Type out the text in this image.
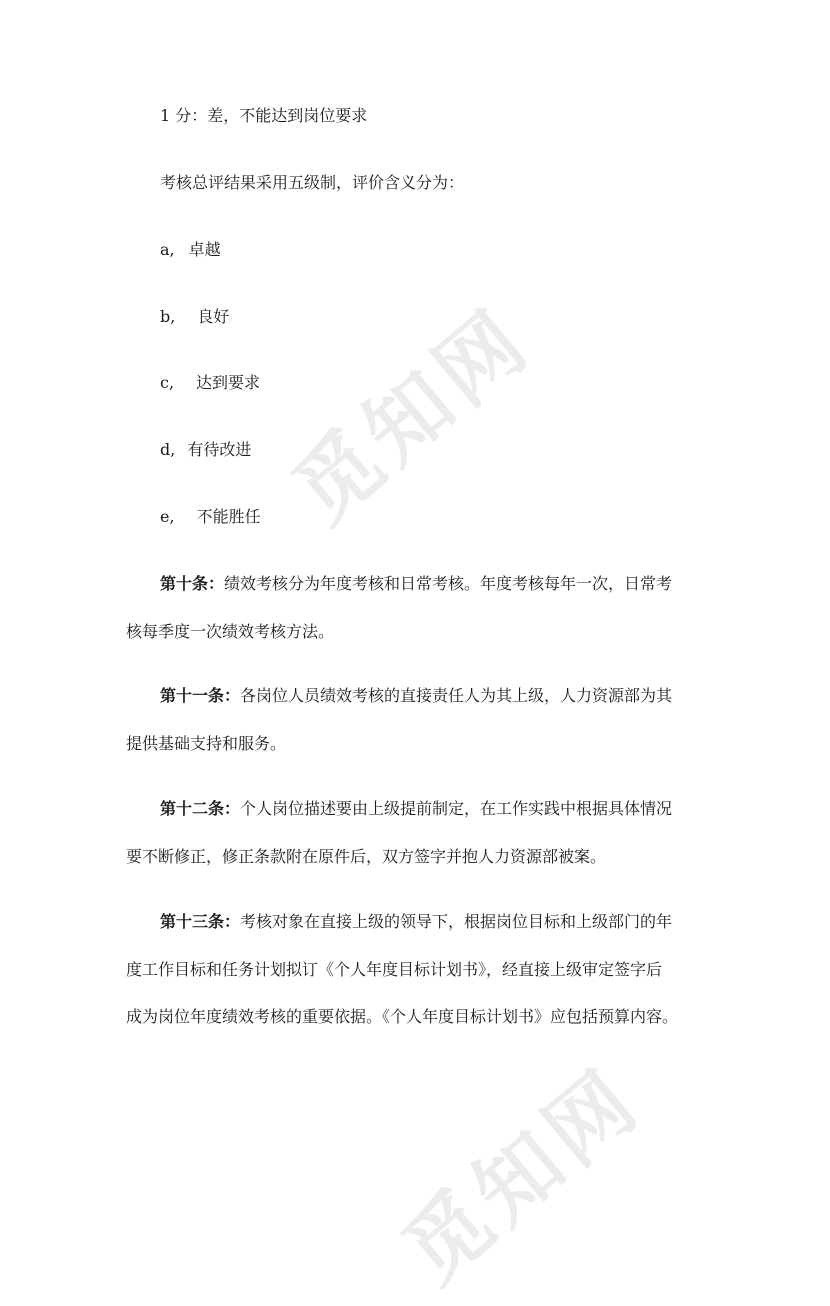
觅知网
觅知网
1 分：差，不能达到岗位要求
考核总评结果采用五级制，评价含义分为：
a, 卓越
b, 良好
c, 达到要求
d, 有待改进
e, 不能胜任
第十条：绩效考核分为年度考核和日常考核。年度考核每年一次，日常考
核每季度一次绩效考核方法。
第十一条：各岗位人员绩效考核的直接责任人为其上级，人力资源部为其
提供基础支持和服务。
第十二条：个人岗位描述要由上级提前制定，在工作实践中根据具体情况
要不断修正，修正条款附在原件后，双方签字并抱人力资源部被案。
第十三条：考核对象在直接上级的领导下，根据岗位目标和上级部门的年
度工作目标和任务计划拟订《个人年度目标计划书》，经直接上级审定签字后
成为岗位年度绩效考核的重要依据。《个人年度目标计划书》应包括预算内容。
